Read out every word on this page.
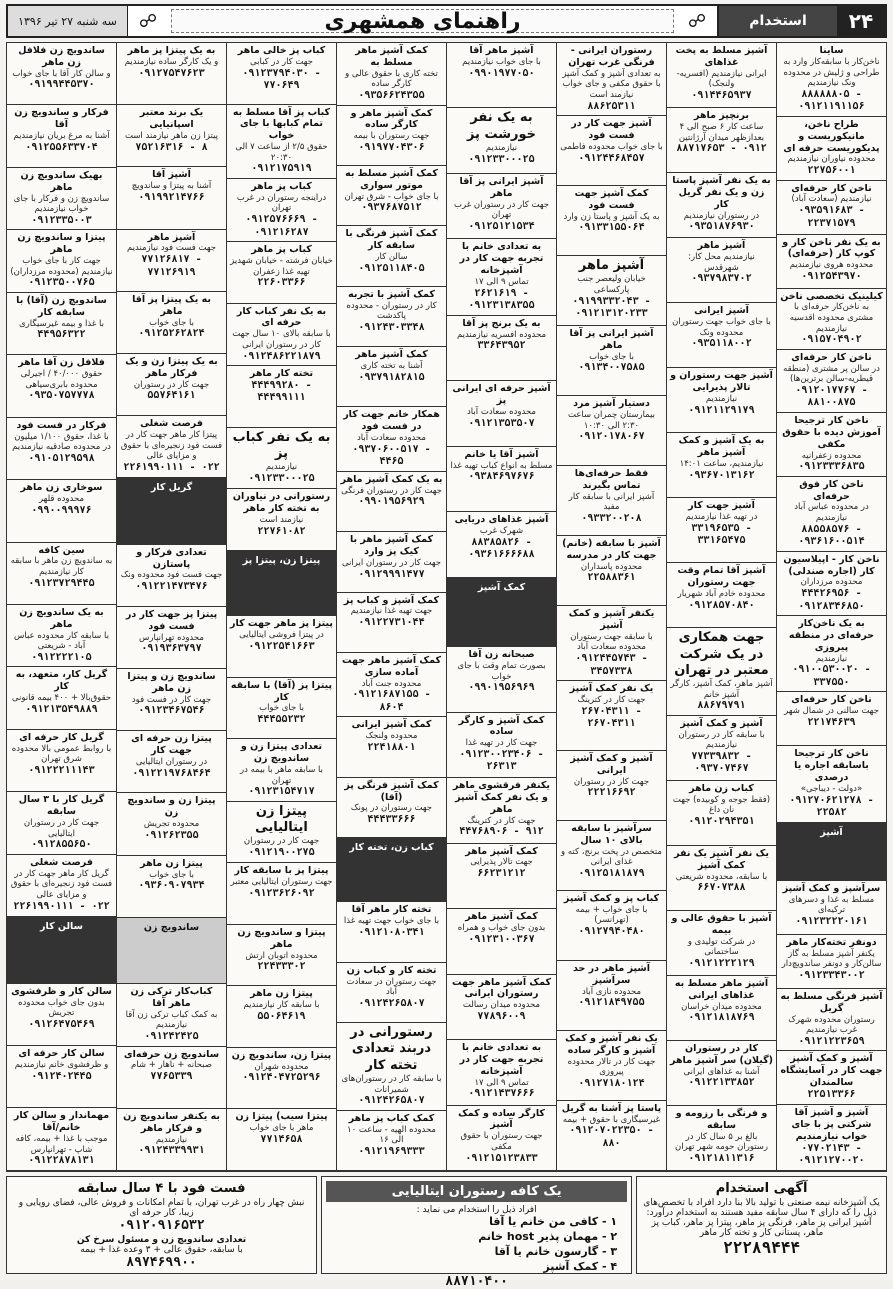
۲۴
استخدام
☍
راهنمای همشهری
☍
سه شنبه ۲۷ تیر ۱۳۹۶
ساینا
ناخن‌کار با سابقه‌کار وارد به طراحی و ژلیش در محدوده ونک نیازمندیم
۸۸۸۸۸۸۰۵ - ۰۹۱۲۱۱۹۱۱۵۶
طراح ناخن، مانیکوریست و پدیکوریست حرفه ای
محدوده نیاوران نیازمندیم
۲۲۷۵۶۰۰۱
ناخن کار حرفه‌ای
نیازمندیم (سعادت آباد)
۰۹۳۵۹۱۶۸۳ - ۲۲۳۷۱۵۷۹
به یک نفر ناخن کار و کوپ کار (حرفه‌ای)
محدوده هروی نیازمندیم
۰۹۱۲۵۴۳۹۷۰
کیلینیک تخصصی ناخن
به ناخن‌کار حرفه‌ای با مشتری محدوده اقدسیه نیازمندیم
۰۹۱۵۷۰۴۹۰۲
ناخن کار حرفه‌ای
در سالن پر مشتری (منطقه قیطریه-سالن برترین‌ها)
۰۹۱۲۰۱۷۷۶۷ - ۸۸۱۰۰۸۷۵
ناخن کار ترجیحا آموزش دیده با حقوق مکفی
محدوده زعفرانیه
۰۹۱۲۳۳۳۶۸۳۵
ناخن کار فوق حرفه‌ای
در محدوده عباس آباد نیازمندیم
۸۸۵۵۸۵۷۶ - ۰۹۳۶۱۶۰۰۵۱۴
ناخن کار - اپیلاسیون کار (اجاره صندلی)
محدوده مرزداران
۴۴۴۲۶۹۵۶ - ۰۹۱۲۸۳۴۶۸۵۰
به یک ناخن‌کار حرفه‌ای در منطقه پیروزی
نیازمندیم
۰۹۱۰۰۵۳۰۰۲۰ - ۳۳۷۵۵۰
ناخن کار حرفه‌ای
جهت سالنی در شمال شهر
۲۲۱۷۴۶۳۹
ناخن کار ترجیحا باسابقه اجاره یا درصدی
«دولت - دیباجی»
۰۹۱۲۷۰۶۲۱۲۷۸ - ۲۲۵۸۲
آشپز
سرآشپز و کمک آشپز
مسلط به غذا و دسرهای ترکیه‌ای
۰۹۱۲۳۲۲۲۰۱۶۱
دونفر تخته‌کار ماهر
یکنفر آشپز مسلط به گاز سالن‌کار و دونفر ساندویچ‌دار
۰۹۱۲۳۳۴۳۰۰۲
آشپز فرنگی مسلط به گریل
رستوران محدوده شهرک غرب نیازمندیم
۰۹۱۲۱۲۲۳۶۵۹
آشپز و کمک آشپز جهت کار در آسایشگاه سالمندان
۲۲۵۱۳۳۶۶
آشپز و آشپز آقا شرکتی پز با جای خواب نیازمندیم
۰۷۷۰۲۱۴۳ - ۰۹۱۲۱۲۷۰۰۲۰
آشپز مسلط به پخت غذاهای
ایرانی نیازمندیم (افسریه-ولنجک)
۰۹۱۴۴۶۵۹۳۷
برنچپز ماهر
ساعت کار ۶ صبح الی ۴ بعدازظهر میدان آرژانتین
۸۸۷۱۷۶۵۳ - ۰۹۱۲
به یک نفر آشپز پاستا زن و یک نفر گریل کار
در رستوران نیازمندیم
۰۹۳۵۱۸۷۶۹۳۰
آشپز ماهر
نیازمندیم محل کار: شهرقدس
۰۹۳۷۹۸۳۷۰۲
آشپز ایرانی
با جای خواب جهت رستوران محدوده ونک
۰۹۳۵۱۱۸۰۰۲
آشپز جهت رستوران و تالار پذیرایی
نیازمندیم
۰۹۱۲۱۱۲۹۱۷۹
به یک آشپز و کمک آشپز ماهر
نیازمندیم، ساعت ۱۴:۰۱
۰۹۳۶۷۰۱۳۱۶۲
آشپز جهت کار
در تهیه غذا نیازمندیم
۳۳۱۹۶۵۳۵ - ۳۳۱۶۵۴۷۵
آشپز آقا تمام وقت جهت رستوران
محدوده خادم آباد شهریار
۰۹۱۲۸۵۷۰۸۴۰
جهت همکاری در یک شرکت معتبر در تهران
آشپز ماهر، کمک آشپز، کارگر آشپز خانم
۸۸۶۷۹۷۹۱
آشپز و کمک آشپز
با سابقه کار در رستوران نیازمندیم
۷۷۳۳۹۸۳۲ - ۰۹۳۷۰۷۴۶۷
کباب زن ماهر
(فقط جوجه و کوبیده) جهت نان داغ
۰۹۱۲۰۲۹۴۳۵۱
یک نفر آشپز یک نفر کمک آشپز
با سابقه، محدوده شریعتی
۶۶۷۰۷۳۸۸
آشپز با حقوق عالی و بیمه
در شرکت تولیدی و ساختمانی
۰۹۱۲۱۲۲۲۱۲۹
آشپز ماهر مسلط به غذاهای ایرانی
محدوده میدان خراسان
۰۹۱۲۱۸۱۸۷۶۹
کار در رستوران (گیلان) سر آشپز ماهر
آشنا به غذاهای ایرانی
۰۹۱۲۲۱۳۳۸۵۲
و فرنگی با رزومه و سابقه
بالغ بر ۵ سال کار در رستوران حومه شهر تهران
۰۹۱۲۱۸۱۱۳۱۶
رستوران ایرانی - فرنگی غرب تهران
به تعدادی آشپز و کمک آشپز با حقوق مکفی و جای خواب نیازمند است
۸۸۶۲۵۳۱۱
آشپز جهت کار در فست فود
با جای خواب محدوده فاطمی
۰۹۱۲۴۴۶۸۴۵۷
کمک آشپز جهت فست فود
به یک آشپز و پاستا زن وارد
۰۹۱۳۳۱۵۵۰۶۴
آشپز ماهر
خیابان ولیعصر جنب پارکساعی
۰۹۱۹۹۳۳۲۰۴۳ - ۰۹۱۲۱۳۱۲۰۲۳۳
آشپز ایرانی پز آقا ماهر
با جای خواب
۰۹۱۳۴۰۰۷۵۸۵
دستیار آشپز مرد
بیمارستان چمران ساعت ۲:۳۰ الی ۱۰:۳۰
۰۹۱۲۰۱۷۸۰۶۷
فقط حرفه‌ای‌ها تماس بگیرند
آشپز ایرانی با سابقه کار مفید
۰۹۳۳۲۰۰۲۰۸
آشپز با سابقه (خانم) جهت کار در مدرسه
محدوده پاسداران
۲۲۵۸۸۳۶۱
یکنفر آشپز و کمک آشپز
با سابقه جهت رستوران محدوده سعادت آباد
۰۹۱۲۴۴۵۷۴۳ - ۳۴۵۷۳۳۸
یک نفر کمک آشپز
جهت کار در کترینگ
۲۶۷۰۴۳۱۱ - ۲۶۷۰۴۳۱۱
آشپز و کمک آشپز ایرانی
جهت کار در رستوران
۲۲۲۱۶۶۹۲
سرآشپز با سابقه بالای ۱۰ سال
متخصص در پخت برنج، کته و غذای ایرانی
۰۹۱۲۵۱۸۱۸۷۹
کباب پز و کمک آشپز
با جای خواب + بیمه (تهرانسر)
۰۹۱۲۷۹۴۰۴۸۰
آشپز ماهر در حد سرآشپز
محدوده نازی آباد
۰۹۱۲۱۸۴۹۷۵۵
یک نفر آشپز و کمک آشپز و کارگر ساده
جهت کار در تالار محدوده پیروزی
۰۹۱۲۷۱۸۰۱۲۴
پاستا پز آشنا به گریل
غیرسیگاری با حقوق + بیمه
۰۹۱۲۰۷۰۲۲۳۵۰ - ۸۸۰
آشپز ماهر آقا
با جای خواب نیازمندیم
۰۹۹۰۱۹۷۷۰۵۰
به یک نفر خورشت پز
نیازمندیم
۰۹۱۲۳۳۰۰۰۲۵
آشپز ایرانی پز آقا ماهر
جهت کار در رستوران غرب تهران
۰۹۱۲۵۱۲۱۵۳۴
به تعدادی خانم با تجربه جهت کار در آشپزخانه
تماس ۹ الی ۱۷
۲۶۲۱۶۱۹ - ۰۹۱۲۳۱۳۸۳۵۵
به یک برنج پز آقا
محدوده افسریه نیازمندیم
۳۳۶۴۳۹۵۲
آشپز حرفه ای ایرانی پز
محدوده سعادت آباد
۰۹۱۲۱۳۵۳۵۰۷
آشپز آقا یا خانم
مسلط به انواع کباب تهیه غذا
۰۹۳۸۴۶۹۷۶۷۶
آشپز غذاهای دریایی
شهرک غرب
۸۸۳۸۵۸۲۶ - ۰۹۳۶۱۶۶۶۶۸۸
کمک آشپز
صبحانه زن آقا
بصورت تمام وقت با جای خواب
۰۹۹۰۱۹۵۶۹۶۹
کمک آشپز و کارگر ساده
جهت کار در تهیه غذا
۰۹۱۲۳۰۰۲۳۴۰۶ - ۲۶۳۱۳
یکنفر فرقشوی ماهر و یک نفر کمک آشپز ماهر
جهت کار در کترینگ
۴۴۷۶۸۹۰۶ - ۹۱۲
کمک آشپز ماهر
جهت تالار پذیرایی
۶۶۲۳۱۲۱۲
کمک آشپز ماهر
بدون جای خواب و همراه
۰۹۱۲۳۱۰۰۳۶۷
کمک آشپز ماهر جهت رستوران ایرانی
محدوده میدان رسالت
۷۷۸۹۶۰۰۹
به تعدادی خانم با تجربه جهت کار در آشپزخانه
تماس ۹ الی ۱۷
۰۹۱۲۱۴۳۷۶۶۶
کارگر ساده و کمک آشپز
جهت رستوران با حقوق مکفی
۰۹۱۲۱۵۱۲۳۸۳۳
کمک آشپز ماهر مسلط به
تخته کاری با حقوق عالی و کارگر ساده
۰۹۳۵۶۶۲۴۳۵۵
کمک آشپز ماهر و کارگر ساده
جهت رستوران با بیمه
۰۹۱۹۷۷۰۴۳۰۶
کمک آشپز مسلط به موتور سواری
با جای خواب - شرق تهران
۰۹۳۷۶۸۷۵۱۲
کمک آشپز فرنگی با سابقه کار
سالن کار
۰۹۱۲۵۱۱۸۴۰۵
کمک آشپز با تجربه
کار در رستوران - محدوده پاکدشت
۰۹۱۲۴۳۰۳۳۴۸
کمک آشپز ماهر
آشنا به تخته کاری
۰۹۳۷۹۱۸۲۸۱۵
همکار خانم جهت کار در فست فود
محدوده سعادت آباد
۰۹۳۷۰۶۰۰۵۱۷ - ۴۴۶۵
به یک کمک آشپز ماهر
جهت کار در رستوران فرنگی
۰۹۹۰۱۹۵۶۹۲۹
کمک آشپز ماهر با کیک پز وارد
جهت کار در رستوران ایرانی
۰۹۱۲۹۹۹۱۴۷۷
کمک آشپز و کباب پز
جهت تهیه غذا نیازمندیم
۰۹۱۲۲۷۳۱۰۴۴
کمک آشپز ماهر جهت آماده سازی
محدوده جنت آباد
۰۹۱۲۱۶۸۷۱۵۵ - ۸۶۰۴
کمک آشپز ایرانی
محدوده ولنجک
۲۲۴۱۸۸۰۱
کمک آشپز فرنگی پز (آقا)
جهت رستوران در پونک
۴۴۴۳۳۶۶۶
کباب زن، تخته کار
تخته کار ماهر آقا
با جای خواب جهت تهیه غذا
۰۹۱۲۱۰۸۰۳۴۱
تخته کار و کباب زن
جهت رستوران در سعادت آباد
۰۹۱۲۴۲۶۵۸۰۷
رستورانی در دربند تعدادی تخته کار
با سابقه کار در رستوران‌های شمیرانات
۰۹۱۲۴۲۶۵۸۰۷
کمک کباب پز ماهر
محدوده الهیه - ساعت ۱۰ الی ۱۶
۰۹۱۲۱۹۶۹۳۳۳
کباب پز خالی ماهر
جهت کار در کبابی
۰۹۱۲۳۷۹۴۰۳۰ - ۷۷۰۶۴۹
کباب پز آقا مسلط به تمام کبابها با جای خواب
حقوق ۲/۵ از ساعت ۷ الی ۲۰:۳۰
۰۹۱۲۱۷۵۹۱۹
کباب پز ماهر
دراینجه رستوران در غرب تهران
۰۹۱۲۵۷۶۶۶۹ - ۰۹۱۲۱۶۲۸۷
کباب پز ماهر
خیابان فرشته - خیابان شهدیز تهیه غذا زعفران
۲۲۶۰۳۳۶۶
به یک نفر کباب کار حرفه ای
با سابقه بالای ۱۰ سال جهت کار در رستوران ایرانی
۰۹۱۲۴۸۶۲۲۱۸۷۹
تخته کار ماهر
۴۴۴۹۹۲۸۰ - ۴۴۴۹۹۱۱۱
به یک نفر کباب پز
نیازمندیم
۰۹۱۲۳۳۰۰۰۲۵
رستورانی در نیاوران به تخته کار ماهر
نیازمند است
۲۲۷۶۱۰۸۲
پیتزا زن، پیتزا پز
پیتزا پز ماهر جهت کار
در پیتزا فروشی ایتالیایی
۰۹۱۲۲۵۴۱۶۶۳
پیتزا پز (آقا) با سابقه کار
با جای خواب
۴۴۴۵۵۲۳۲
تعدادی پیتزا زن و ساندویچ زن
با سابقه ماهر با بیمه در تهران
۰۹۱۲۳۱۵۴۷۱۷
پیتزا زن ایتالیایی
جهت کار در رستوران
۰۹۱۲۱۹۰۰۲۷۵
پیتزا پز با سابقه کار
جهت رستوران ایتالیایی معتبر
۰۹۱۲۳۶۲۶۰۹۲
پیتزا و ساندویچ زن ماهر
محدوده اتوبان ارتش
۲۲۴۳۳۳۰۲
پیتزا زن ماهر
با سابقه کار نیازمندیم
۵۵۰۶۴۶۱۹
پیتزا زن، ساندویچ زن
محدوده شهران
۰۹۱۲۴۰۴۷۲۵۲۹۶
پیتزا سیب) پیتزا زن
ماهر با جای خواب
۷۷۱۴۶۵۸
به یک پیتزا پز ماهر
و یک کارگر ساده نیازمندیم
۰۹۱۲۷۵۴۷۶۲۳
یک برند معتبر اسپانیایی
پیتزا زن ماهر نیازمند است
۷۵۲۱۶۳۱۶ - ۸
آشپز آقا
آشنا به پیتزا و ساندویچ
۰۹۱۹۹۲۱۴۷۶۶
آشپز ماهر
جهت فست فود نیازمندیم
۷۷۱۲۶۸۱۷ - ۷۷۱۲۶۹۱۹
به یک پیتزا پز آقا ماهر
با جای خواب
۰۹۱۲۵۲۶۲۸۲۴
به یک پیتزا زن و یک فرکار ماهر
جهت کار در رستوران
۵۵۷۶۴۱۶۱
فرصت شغلی
پیتزا کار ماهر جهت کار در فست فود زنجیره‌ای با حقوق و مزایای عالی
۲۲۶۱۹۹۰۱۱۱ - ۰۲۲
گریل کار
تعدادی فرکار و پاستازن
جهت فست فود محدوده ونک
۰۹۱۲۲۱۴۷۳۴۷۶
پیتزا پز جهت کار در فست فود
محدوده تهرانپارس
۰۹۱۹۳۶۳۷۹۷
ساندویچ زن و پیتزا زن ماهر
جهت کار در فست فود
۰۹۱۲۳۴۶۷۵۴۶
پیتزا زن حرفه ای جهت کار
در رستوران ایتالیایی
۰۹۱۲۲۱۹۷۶۸۴۶۴
پیتزا زن و ساندویچ زن
محدوده تجریش
۰۹۱۲۶۲۳۵۵
پیتزا زن ماهر
با جای خواب
۰۹۳۶۰۹۰۷۹۳۴
ساندویچ زن
کباب‌کار ترکی زن ماهر آقا
به کمک کباب ترکی زن آقا نیازمندیم
۰۹۱۲۴۲۴۲۵
ساندویچ زن حرفه‌ای
صبحانه + ناهار + شام
۷۷۶۵۳۳۹
به یکنفر ساندویچ زن و فرکار ماهر
نیازمندیم
۰۹۱۲۴۳۳۹۹۳۱
ساندویچ زن فلافل زن ماهر
و سالن کار آقا با جای خواب
۰۹۱۹۹۴۴۵۳۷۰
فرکار و ساندویچ زن آقا
آشنا به مرغ بریان نیازمندیم
۰۹۱۲۵۵۶۳۳۷۰۴
بهیک ساندویچ زن ماهر
ساندویچ زن و فرکار با جای خواب نیازمندیم
۰۹۱۲۳۳۵۰۰۳
پیتزا و ساندویچ زن ماهر
جهت کار با جای خواب نیازمندیم (محدوده مرزداران)
۰۹۱۲۳۵۰۰۷۶۵
ساندویچ زن (آقا) با سابقه کار
با غذا و بیمه غیرسیگاری
۴۴۹۵۶۳۲۲
فلافل زن آقا ماهر
حقوق ۴۰/۰۰۰ / اجیرلی محدوده بابری‌سیاهی
۰۹۳۵۰۷۵۷۷۷۸
فرکار در فست فود
با غذا، حقوق ۱/۱۰۰ میلیون در محدوده صادقیه نیازمندیم
۰۹۱۰۵۱۲۹۵۹۸
سوخاری زن ماهر
محدوده قلهر
۰۹۹۰۰۹۹۹۷۶
سین کافه
به ساندویچ زن ماهر با سابقه کار نیازمندیم
۰۹۱۲۳۷۲۹۴۴۵
به یک ساندویچ زن ماهر
با سابقه کار محدوده عباس آباد - شریعتی
۰۹۱۲۲۲۲۱۰۵
گریل کار، متعهد، به کار
حقوق‌بالا + ۴۰۰ بیمه قانونی
۰۹۱۲۱۳۵۴۹۸۸۹
گریل کار حرفه ای
با روابط عمومی بالا محدوده شرق تهران
۰۹۱۲۲۲۱۱۱۴۳
گریل کار با ۳ سال سابقه
جهت کار در رستوران ایتالیایی
۰۹۱۲۸۵۵۶۵۰
فرصت شغلی
گریل کار ماهر جهت کار در فست فود زنجیره‌ای با حقوق و مزایای عالی
۲۲۶۱۹۹۰۱۱۱ - ۰۲۲
سالن کار
سالن کار و ظرفشوی
بدون جای خواب محدوده تجریش
۰۹۱۲۶۴۷۵۴۶۹
سالن کار حرفه ای
و ظرفشوی خانم نیازمندیم
۰۹۱۲۴۰۲۴۴۵
مهماندار و سالن کار خانم/آقا
موجب با غذا + بیمه، کافه شاپ - تهرانپارس
۰۹۱۲۲۸۷۸۱۳۱
آگهی استخدام
یک آشپزخانه نیمه صنعتی با تولید بالا بنا دارد افراد با تخصص‌های ذیل را که دارای ۴ سال سابقه مفید هستند به استخدام درآورد: آشپز ایرانی پز ماهر، فرنگی پز ماهر، پیتزا پز ماهر، کباب پز ماهر، پستانی کار و تخته کار ماهر
۲۲۲۸۹۴۴۴
یک کافه رستوران ایتالیایی
افراد ذیل را استخدام می نماید :
۱ - کافی من خانم یا آقا
۲ - مهمان پذیر host خانم
۳ - گارسون خانم یا آقا
۴ - کمک آشپز
۸۸۷۱۰۴۰۰
فست فود با ۴ سال سابقه
نبش چهار راه در غرب تهران، با تمام امکانات و فروش عالی، فضای رویایی و زیبا، کار حرفه ای
۰۹۱۲۰۹۱۶۵۳۲
تعدادی ساندویچ زن و مسئول سرخ کن
با سابقه، حقوق عالی + ۳ وعده غذا + بیمه
۸۹۷۴۶۹۹۰۰
